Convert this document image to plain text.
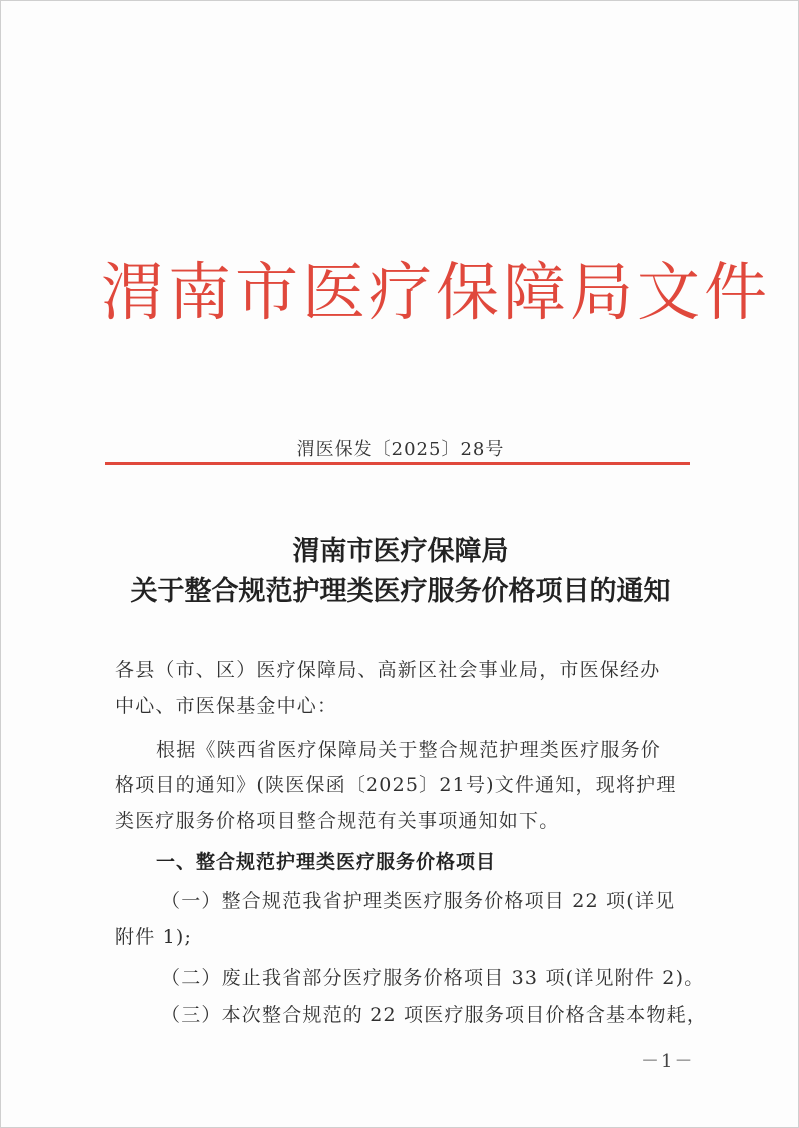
渭南市医疗保障局文件
渭医保发〔2025〕28号
渭南市医疗保障局
关于整合规范护理类医疗服务价格项目的通知
各县（市、区）医疗保障局、高新区社会事业局，市医保经办
中心、市医保基金中心：
根据《陕西省医疗保障局关于整合规范护理类医疗服务价
格项目的通知》(陕医保函〔2025〕21号)文件通知，现将护理
类医疗服务价格项目整合规范有关事项通知如下。
一、整合规范护理类医疗服务价格项目
（一）整合规范我省护理类医疗服务价格项目 22 项(详见
附件 1);
（二）废止我省部分医疗服务价格项目 33 项(详见附件 2)。
（三）本次整合规范的 22 项医疗服务项目价格含基本物耗，
－1－
